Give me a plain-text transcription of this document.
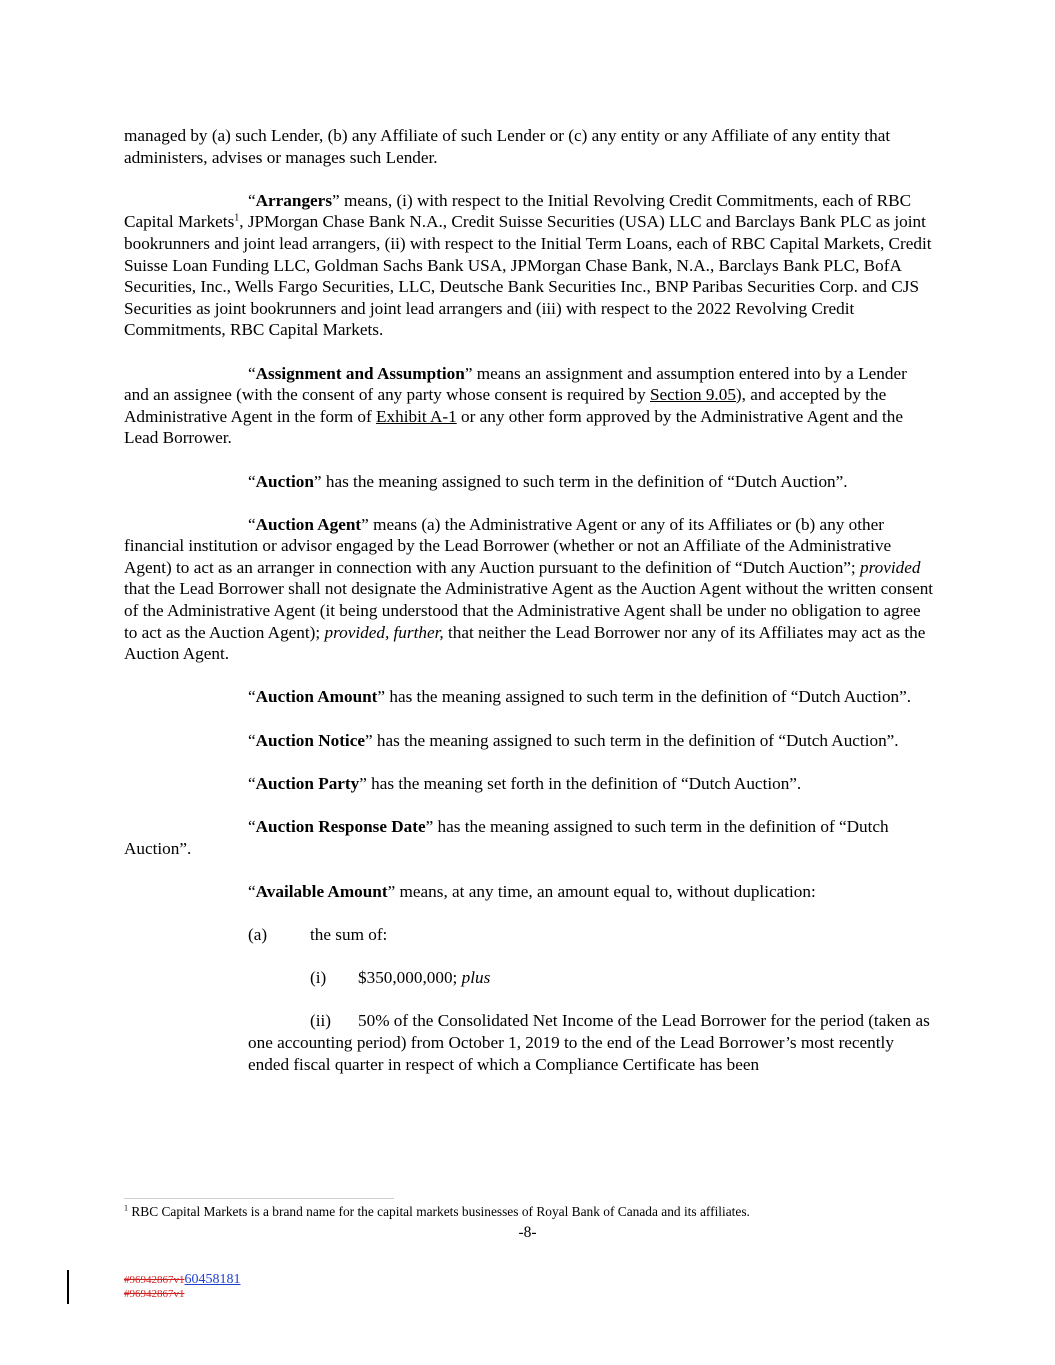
managed by (a) such Lender, (b) any Affiliate of such Lender or (c) any entity or any Affiliate of any entity that administers, advises or manages such Lender.

“Arrangers” means, (i) with respect to the Initial Revolving Credit Commitments, each of RBC Capital Markets$^1$, JPMorgan Chase Bank N.A., Credit Suisse Securities (USA) LLC and Barclays Bank PLC as joint bookrunners and joint lead arrangers, (ii) with respect to the Initial Term Loans, each of RBC Capital Markets, Credit Suisse Loan Funding LLC, Goldman Sachs Bank USA, JPMorgan Chase Bank, N.A., Barclays Bank PLC, BofA Securities, Inc., Wells Fargo Securities, LLC, Deutsche Bank Securities Inc., BNP Paribas Securities Corp. and CJS Securities as joint bookrunners and joint lead arrangers and (iii) with respect to the 2022 Revolving Credit Commitments, RBC Capital Markets.

“Assignment and Assumption” means an assignment and assumption entered into by a Lender and an assignee (with the consent of any party whose consent is required by Section 9.05), and accepted by the Administrative Agent in the form of Exhibit A-1 or any other form approved by the Administrative Agent and the Lead Borrower.

“Auction” has the meaning assigned to such term in the definition of “Dutch Auction”.

“Auction Agent” means (a) the Administrative Agent or any of its Affiliates or (b) any other financial institution or advisor engaged by the Lead Borrower (whether or not an Affiliate of the Administrative Agent) to act as an arranger in connection with any Auction pursuant to the definition of “Dutch Auction”; provided that the Lead Borrower shall not designate the Administrative Agent as the Auction Agent without the written consent of the Administrative Agent (it being understood that the Administrative Agent shall be under no obligation to agree to act as the Auction Agent); provided, further, that neither the Lead Borrower nor any of its Affiliates may act as the Auction Agent.

“Auction Amount” has the meaning assigned to such term in the definition of “Dutch Auction”.

“Auction Notice” has the meaning assigned to such term in the definition of “Dutch Auction”.

“Auction Party” has the meaning set forth in the definition of “Dutch Auction”.

“Auction Response Date” has the meaning assigned to such term in the definition of “Dutch Auction”.

“Available Amount” means, at any time, an amount equal to, without duplication:

(a) the sum of:
(i) $350,000,000; plus
(ii) 50% of the Consolidated Net Income of the Lead Borrower for the period (taken as one accounting period) from October 1, 2019 to the end of the Lead Borrower’s most recently ended fiscal quarter in respect of which a Compliance Certificate has been
$^1$ RBC Capital Markets is a brand name for the capital markets businesses of Royal Bank of Canada and its affiliates.
-8-
#96942867v160458181
#96942867v1
